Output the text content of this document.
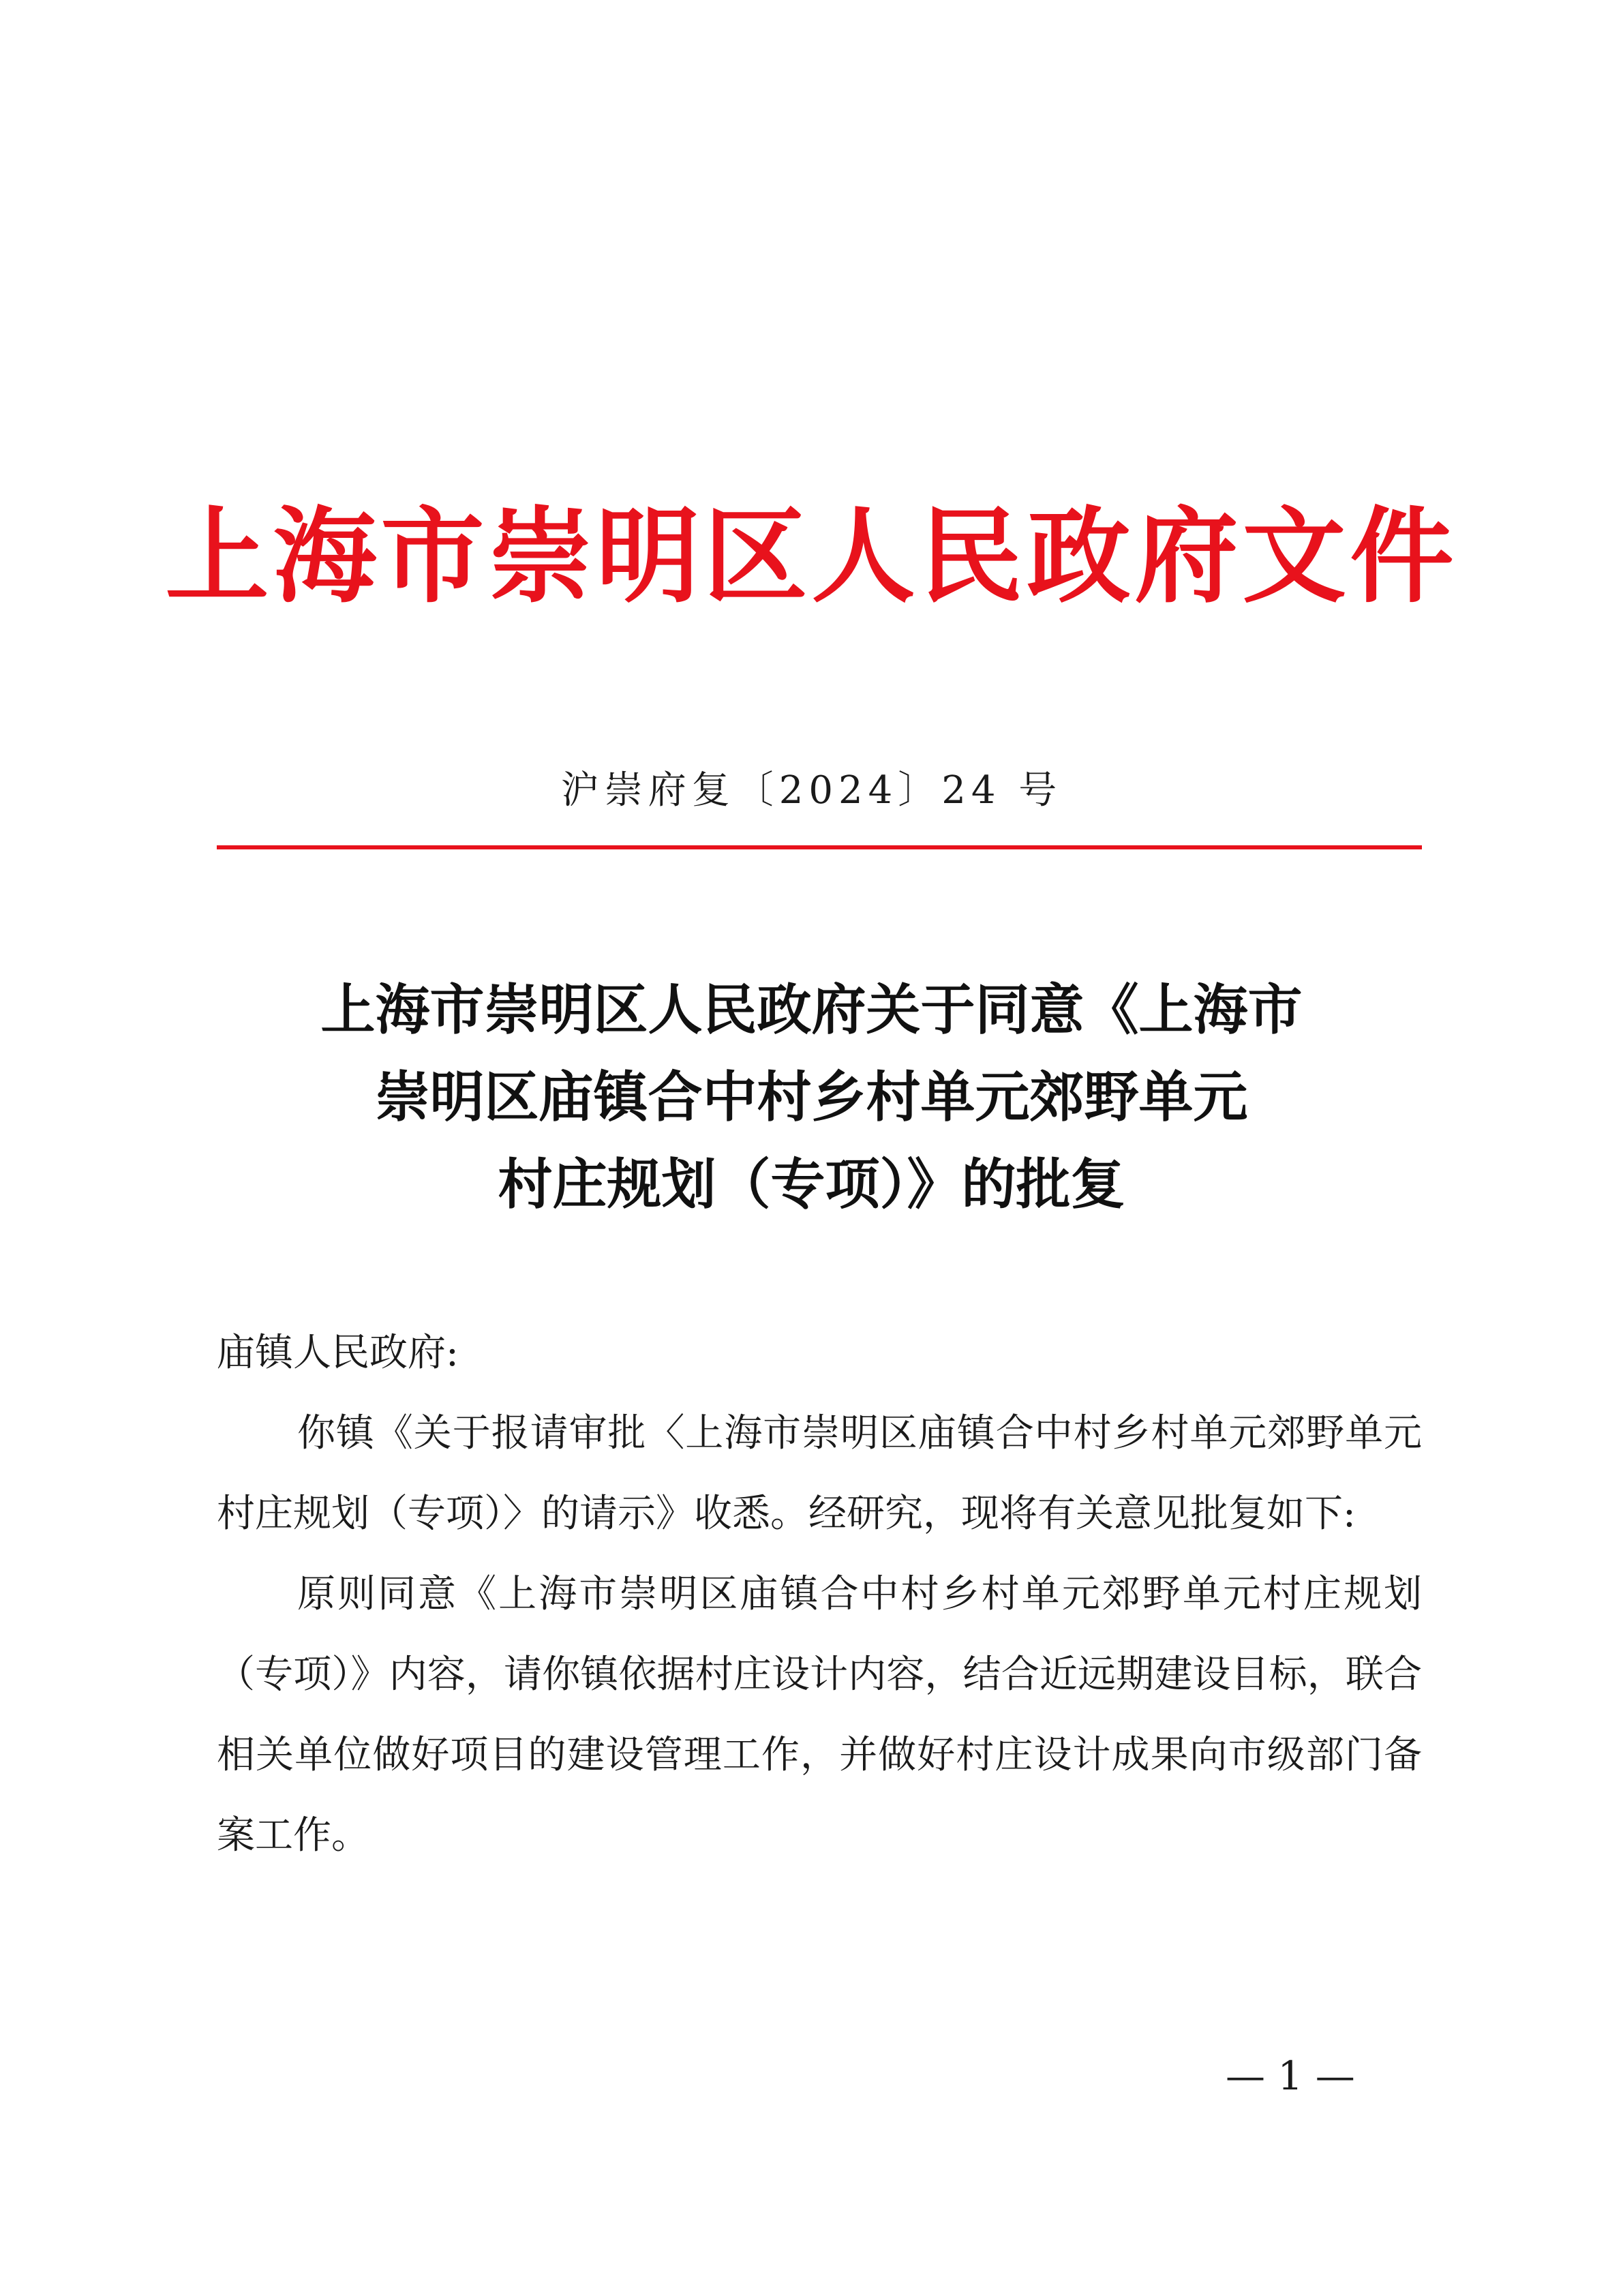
上海市崇明区人民政府文件
沪崇府复〔2024〕24 号
上海市崇明区人民政府关于同意《上海市
崇明区庙镇合中村乡村单元郊野单元
村庄规划（专项）》的批复

庙镇人民政府:

你镇《关于报请审批〈上海市崇明区庙镇合中村乡村单元郊野单元村庄规划（专项）〉的请示》收悉。经研究，现将有关意见批复如下:

原则同意《上海市崇明区庙镇合中村乡村单元郊野单元村庄规划（专项）》内容，请你镇依据村庄设计内容，结合近远期建设目标，联合相关单位做好项目的建设管理工作，并做好村庄设计成果向市级部门备案工作。

— 1 —
